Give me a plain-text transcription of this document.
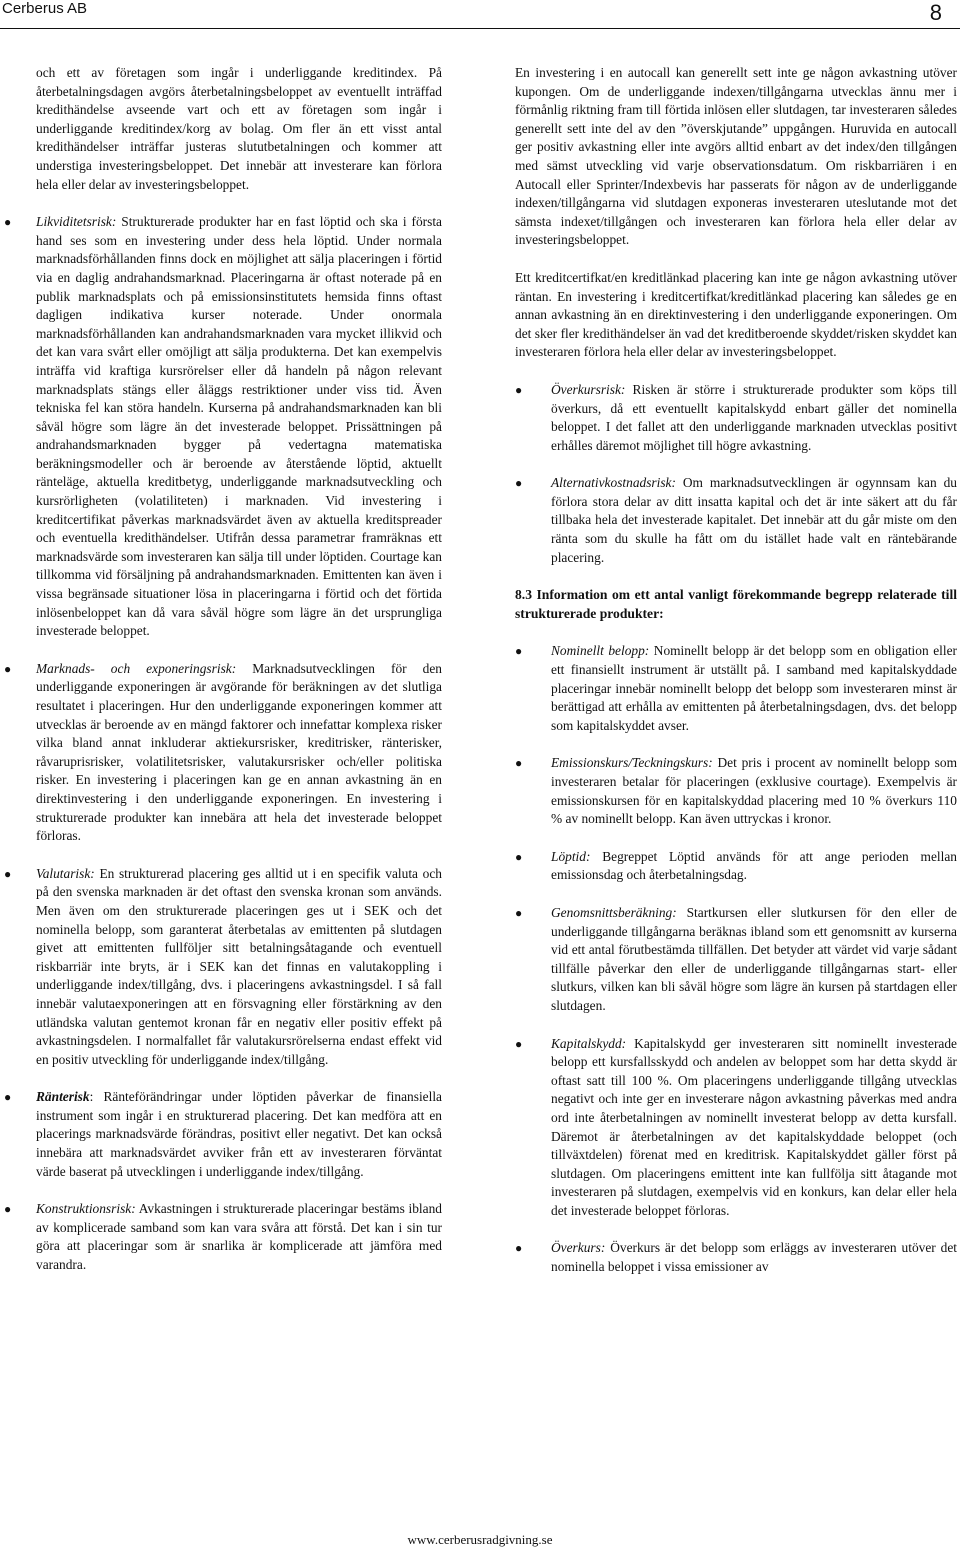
Cerberus AB	8

och ett av företagen som ingår i underliggande kreditindex. På återbetalningsdagen avgörs återbetalningsbeloppet av eventuellt inträffad kredithändelse avseende vart och ett av företagen som ingår i underliggande kreditindex/korg av bolag. Om fler än ett visst antal kredithändelser inträffar justeras slututbetalningen och kommer att understiga investeringsbeloppet. Det innebär att investerare kan förlora hela eller delar av investeringsbeloppet.

● Likviditetsrisk: Strukturerade produkter har en fast löptid och ska i första hand ses som en investering under dess hela löptid. Under normala marknadsförhållanden finns dock en möjlighet att sälja placeringen i förtid via en daglig andrahandsmarknad. Placeringarna är oftast noterade på en publik marknadsplats och på emissionsinstitutets hemsida finns oftast dagligen indikativa kurser noterade. Under onormala marknadsförhållanden kan andrahandsmarknaden vara mycket illikvid och det kan vara svårt eller omöjligt att sälja produkterna. Det kan exempelvis inträffa vid kraftiga kursrörelser eller då handeln på någon relevant marknadsplats stängs eller åläggs restriktioner under viss tid. Även tekniska fel kan störa handeln. Kurserna på andrahandsmarknaden kan bli såväl högre som lägre än det investerade beloppet. Prissättningen på andrahandsmarknaden bygger på vedertagna matematiska beräkningsmodeller och är beroende av återstående löptid, aktuellt ränteläge, aktuella kreditbetyg, underliggande marknadsutveckling och kursrörligheten (volatiliteten) i marknaden. Vid investering i kreditcertifikat påverkas marknadsvärdet även av aktuella kreditspreader och eventuella kredithändelser. Utifrån dessa parametrar framräknas ett marknadsvärde som investeraren kan sälja till under löptiden. Courtage kan tillkomma vid försäljning på andrahandsmarknaden. Emittenten kan även i vissa begränsade situationer lösa in placeringarna i förtid och det förtida inlösenbeloppet kan då vara såväl högre som lägre än det ursprungliga investerade beloppet.
● Marknads- och exponeringsrisk: Marknadsutvecklingen för den underliggande exponeringen är avgörande för beräkningen av det slutliga resultatet i placeringen. Hur den underliggande exponeringen kommer att utvecklas är beroende av en mängd faktorer och innefattar komplexa risker vilka bland annat inkluderar aktiekursrisker, kreditrisker, ränterisker, råvaruprisrisker, volatilitetsrisker, valutakursrisker och/eller politiska risker. En investering i placeringen kan ge en annan avkastning än en direktinvestering i den underliggande exponeringen. En investering i strukturerade produkter kan innebära att hela det investerade beloppet förloras.
● Valutarisk: En strukturerad placering ges alltid ut i en specifik valuta och på den svenska marknaden är det oftast den svenska kronan som används. Men även om den strukturerade placeringen ges ut i SEK och det nominella belopp, som garanterat återbetalas av emittenten på slutdagen givet att emittenten fullföljer sitt betalningsåtagande och eventuell riskbarriär inte bryts, är i SEK kan det finnas en valutakoppling i underliggande index/tillgång, dvs. i placeringens avkastningsdel. I så fall innebär valutaexponeringen att en försvagning eller förstärkning av den utländska valutan gentemot kronan får en negativ eller positiv effekt på avkastningsdelen. I normalfallet får valutakursrörelserna endast effekt vid en positiv utveckling för underliggande index/tillgång.
● Ränterisk: Ränteförändringar under löptiden påverkar de finansiella instrument som ingår i en strukturerad placering. Det kan medföra att en placerings marknadsvärde förändras, positivt eller negativt. Det kan också innebära att marknadsvärdet avviker från ett av investeraren förväntat värde baserat på utvecklingen i underliggande index/tillgång.
● Konstruktionsrisk: Avkastningen i strukturerade placeringar bestäms ibland av komplicerade samband som kan vara svåra att förstå. Det kan i sin tur göra att placeringar som är snarlika är komplicerade att jämföra med varandra.

En investering i en autocall kan generellt sett inte ge någon avkastning utöver kupongen. Om de underliggande indexen/tillgångarna utvecklas ännu mer i förmånlig riktning fram till förtida inlösen eller slutdagen, tar investeraren således generellt sett inte del av den ”överskjutande” uppgången. Huruvida en autocall ger positiv avkastning eller inte avgörs alltid enbart av det index/den tillgången med sämst utveckling vid varje observationsdatum. Om riskbarriären i en Autocall eller Sprinter/Indexbevis har passerats för någon av de underliggande indexen/tillgångarna vid slutdagen exponeras investeraren uteslutande mot det sämsta indexet/tillgången och investeraren kan förlora hela eller delar av investeringsbeloppet.

Ett kreditcertifkat/en kreditlänkad placering kan inte ge någon avkastning utöver räntan. En investering i kreditcertifkat/kreditlänkad placering kan således ge en annan avkastning än en direktinvestering i den underliggande exponeringen. Om det sker fler kredithändelser än vad det kreditberoende skyddet/risken skyddet kan investeraren förlora hela eller delar av investeringsbeloppet.

● Överkursrisk: Risken är större i strukturerade produkter som köps till överkurs, då ett eventuellt kapitalskydd enbart gäller det nominella beloppet. I det fallet att den underliggande marknaden utvecklas positivt erhålles däremot möjlighet till högre avkastning.
● Alternativkostnadsrisk: Om marknadsutvecklingen är ogynnsam kan du förlora stora delar av ditt insatta kapital och det är inte säkert att du får tillbaka hela det investerade kapitalet. Det innebär att du går miste om den ränta som du skulle ha fått om du istället hade valt en räntebärande placering.
8.3 Information om ett antal vanligt förekommande begrepp relaterade till strukturerade produkter:
● Nominellt belopp: Nominellt belopp är det belopp som en obligation eller ett finansiellt instrument är utställt på. I samband med kapitalskyddade placeringar innebär nominellt belopp det belopp som investeraren minst är berättigad att erhålla av emittenten på återbetalningsdagen, dvs. det belopp som kapitalskyddet avser.
● Emissionskurs/Teckningskurs: Det pris i procent av nominellt belopp som investeraren betalar för placeringen (exklusive courtage). Exempelvis är emissionskursen för en kapitalskyddad placering med 10 % överkurs 110 % av nominellt belopp. Kan även uttryckas i kronor.
● Löptid: Begreppet Löptid används för att ange perioden mellan emissionsdag och återbetalningsdag.
● Genomsnittsberäkning: Startkursen eller slutkursen för den eller de underliggande tillgångarna beräknas ibland som ett genomsnitt av kurserna vid ett antal förutbestämda tillfällen. Det betyder att värdet vid varje sådant tillfälle påverkar den eller de underliggande tillgångarnas start- eller slutkurs, vilken kan bli såväl högre som lägre än kursen på startdagen eller slutdagen.
● Kapitalskydd: Kapitalskydd ger investeraren sitt nominellt investerade belopp ett kursfallsskydd och andelen av beloppet som har detta skydd är oftast satt till 100 %. Om placeringens underliggande tillgång utvecklas negativt och inte ger en investerare någon avkastning påverkas med andra ord inte återbetalningen av nominellt investerat belopp av detta kursfall. Däremot är återbetalningen av det kapitalskyddade beloppet (och tillväxtdelen) förenat med en kreditrisk. Kapitalskyddet gäller först på slutdagen. Om placeringens emittent inte kan fullfölja sitt åtagande mot investeraren på slutdagen, exempelvis vid en konkurs, kan delar eller hela det investerade beloppet förloras.
● Överkurs: Överkurs är det belopp som erläggs av investeraren utöver det nominella beloppet i vissa emissioner av
www.cerberusradgivning.se
